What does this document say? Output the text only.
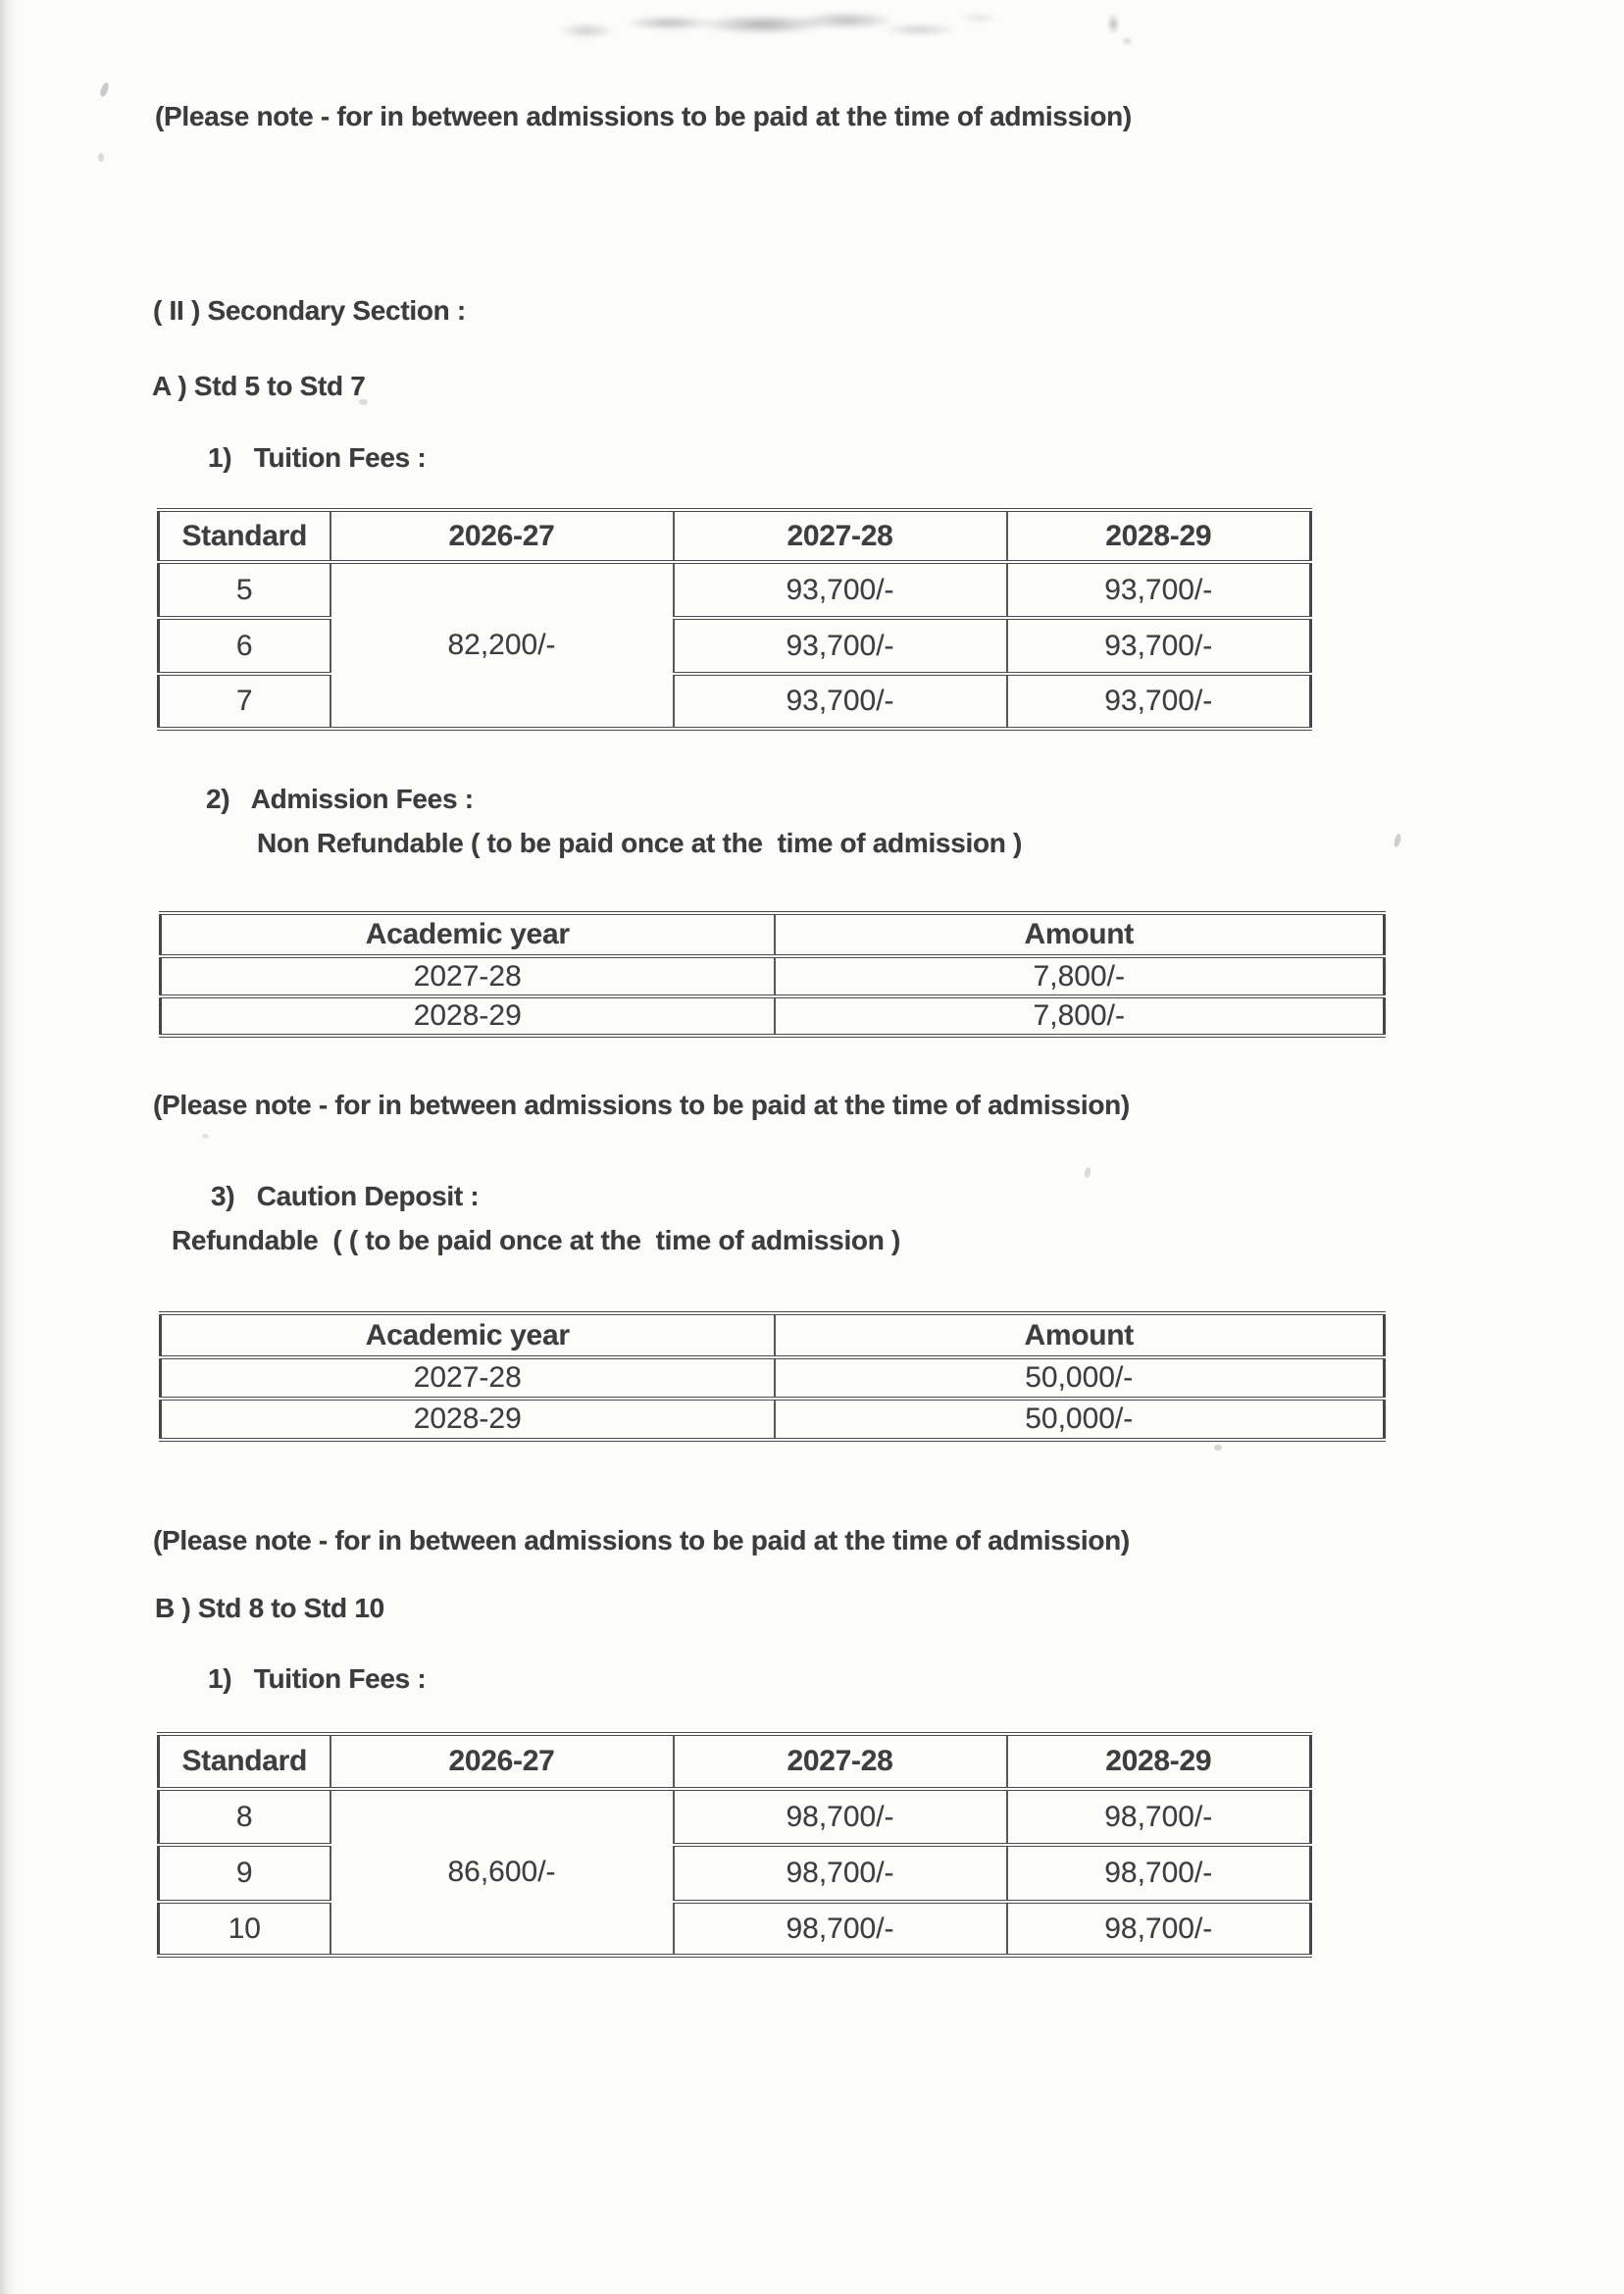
(Please note - for in between admissions to be paid at the time of admission)
( II ) Secondary Section :
A ) Std 5 to Std 7
1)   Tuition Fees :
Standard	2026-27	2027-28	2028-29
5	82,200/-	93,700/-	93,700/-
6		93,700/-	93,700/-
7		93,700/-	93,700/-
2)   Admission Fees :
Non Refundable ( to be paid once at the  time of admission )
Academic year	Amount
2027-28	7,800/-
2028-29	7,800/-
(Please note - for in between admissions to be paid at the time of admission)
3)   Caution Deposit :
Refundable  ( ( to be paid once at the  time of admission )
Academic year	Amount
2027-28	50,000/-
2028-29	50,000/-
(Please note - for in between admissions to be paid at the time of admission)
B ) Std 8 to Std 10
1)   Tuition Fees :
Standard	2026-27	2027-28	2028-29
8	86,600/-	98,700/-	98,700/-
9		98,700/-	98,700/-
10		98,700/-	98,700/-
